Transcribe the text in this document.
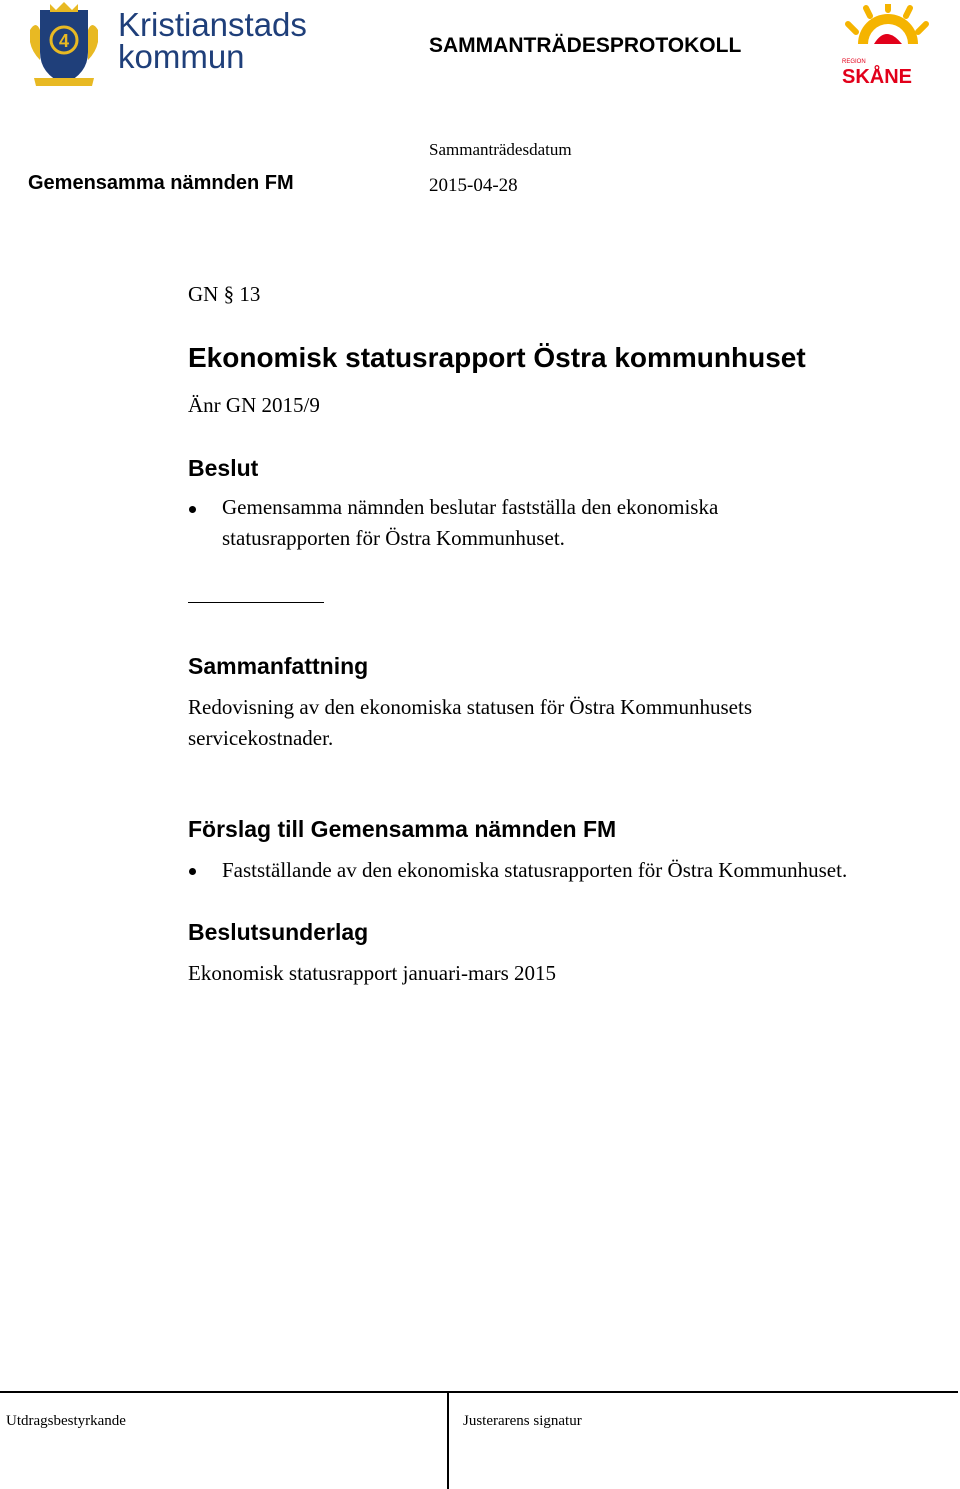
4 Kristianstads
kommun	SAMMANTRÄDESPROTOKOLL
REGION
SKÅNE
Gemensamma nämnden FM
Sammanträdesdatum
2015-04-28
GN § 13
Ekonomisk statusrapport Östra kommunhuset
Änr GN 2015/9
Beslut
Gemensamma nämnden beslutar fastställa den ekonomiska statusrapporten för Östra Kommunhuset.
Sammanfattning
Redovisning av den ekonomiska statusen för Östra Kommunhusets servicekostnader.
Förslag till Gemensamma nämnden FM
Fastställande av den ekonomiska statusrapporten för Östra Kommunhuset.
Beslutsunderlag
Ekonomisk statusrapport januari-mars 2015
Utdragsbestyrkande	Justerarens signatur
